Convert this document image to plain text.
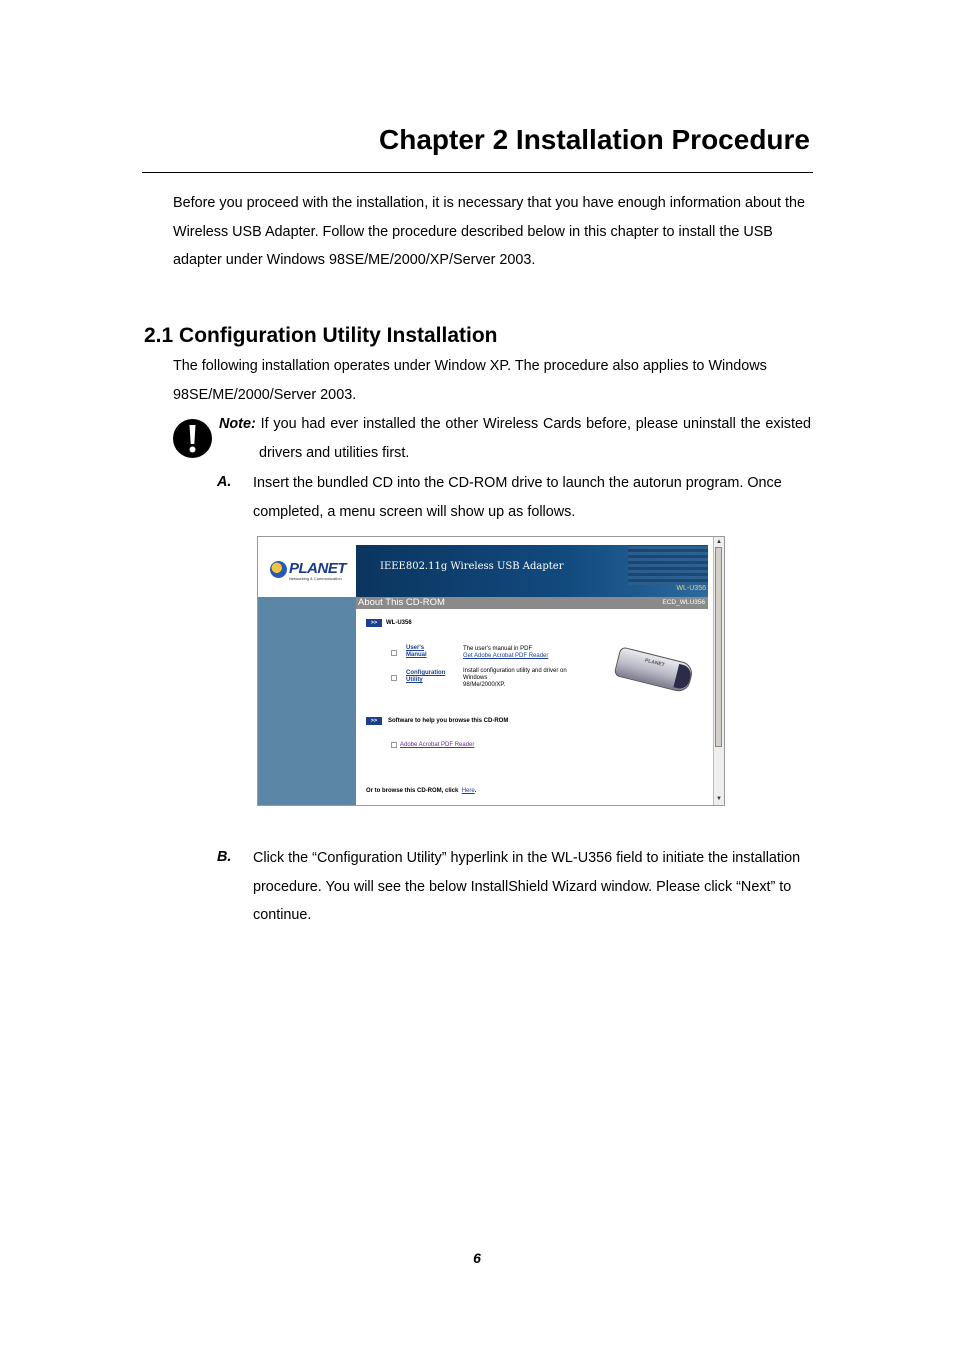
Chapter 2 Installation Procedure

Before you proceed with the installation, it is necessary that you have enough information about the Wireless USB Adapter. Follow the procedure described below in this chapter to install the USB adapter under Windows 98SE/ME/2000/XP/Server 2003.

2.1 Configuration Utility Installation

The following installation operates under Window XP. The procedure also applies to Windows 98SE/ME/2000/Server 2003.

Note: If you had ever installed the other Wireless Cards before, please uninstall the existed

drivers and utilities first.

A. Insert the bundled CD into the CD-ROM drive to launch the autorun program. Once completed, a menu screen will show up as follows.

PLANET
Networking & Communication
IEEE802.11g Wireless USB Adapter
WL-U356
About This CD-ROM	ECD_WLU356
>>	WL-U356
User's
Manual
The user's manual in PDF
Get Adobe Acrobat PDF Reader
Configuration
Utility
Install configuration utility and driver on
Windows
98/Me/2000/XP.
PLANET
>>	Software to help you browse this CD-ROM
Adobe Acrobat PDF Reader
Or to browse this CD-ROM, click Here.
▲
▼
B. Click the “Configuration Utility” hyperlink in the WL-U356 field to initiate the installation procedure. You will see the below InstallShield Wizard window. Please click “Next” to continue.

6
